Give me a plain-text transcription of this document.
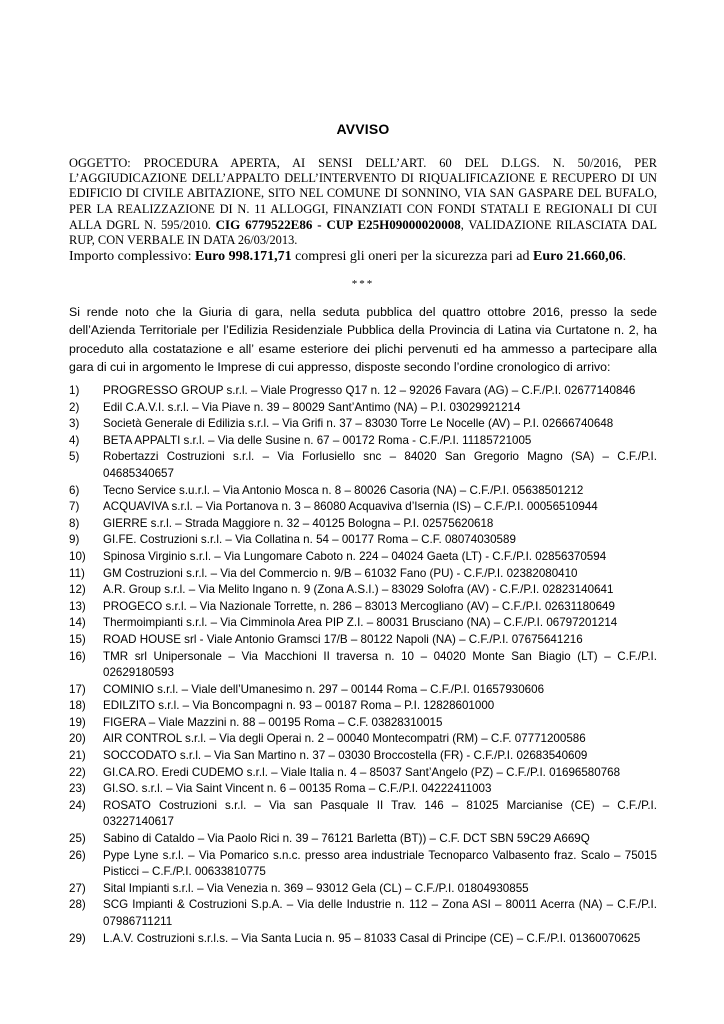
AVVISO

OGGETTO: PROCEDURA APERTA, AI SENSI DELL’ART. 60 DEL D.LGS. N. 50/2016, PER L’AGGIUDICAZIONE DELL’APPALTO DELL’INTERVENTO DI RIQUALIFICAZIONE E RECUPERO DI UN EDIFICIO DI CIVILE ABITAZIONE, SITO NEL COMUNE DI SONNINO, VIA SAN GASPARE DEL BUFALO, PER LA REALIZZAZIONE DI N. 11 ALLOGGI, FINANZIATI CON FONDI STATALI E REGIONALI DI CUI ALLA DGRL N. 595/2010. CIG 6779522E86 - CUP E25H09000020008, VALIDAZIONE RILASCIATA DAL RUP, CON VERBALE IN DATA 26/03/2013.

Importo complessivo: Euro 998.171,71 compresi gli oneri per la sicurezza pari ad Euro 21.660,06.

***

Si rende noto che la Giuria di gara, nella seduta pubblica del quattro ottobre 2016, presso la sede dell’Azienda Territoriale per l’Edilizia Residenziale Pubblica della Provincia di Latina via Curtatone n. 2, ha proceduto alla costatazione e all’ esame esteriore dei plichi pervenuti ed ha ammesso a partecipare alla gara di cui in argomento le Imprese di cui appresso, disposte secondo l’ordine cronologico di arrivo:

1)	PROGRESSO GROUP s.r.l. – Viale Progresso Q17 n. 12 – 92026 Favara (AG) – C.F./P.I. 02677140846
2)	Edil C.A.V.I. s.r.l. – Via Piave n. 39 – 80029 Sant’Antimo (NA) – P.I. 03029921214
3)	Società Generale di Edilizia s.r.l. – Via Grifi n. 37 – 83030 Torre Le Nocelle (AV) – P.I. 02666740648
4)	BETA APPALTI s.r.l. – Via delle Susine n. 67 – 00172 Roma - C.F./P.I. 11185721005
5)	Robertazzi Costruzioni s.r.l. – Via Forlusiello snc – 84020 San Gregorio Magno (SA) – C.F./P.I. 04685340657
6)	Tecno Service s.u.r.l. – Via Antonio Mosca n. 8 – 80026 Casoria (NA) – C.F./P.I. 05638501212
7)	ACQUAVIVA s.r.l. – Via Portanova n. 3 – 86080 Acquaviva d’Isernia (IS) – C.F./P.I. 00056510944
8)	GIERRE s.r.l. – Strada Maggiore n. 32 – 40125 Bologna – P.I. 02575620618
9)	GI.FE. Costruzioni s.r.l. – Via Collatina n. 54 – 00177 Roma – C.F. 08074030589
10)	Spinosa Virginio s.r.l. – Via Lungomare Caboto n. 224 – 04024 Gaeta (LT) - C.F./P.I. 02856370594
11)	GM Costruzioni s.r.l. – Via del Commercio n. 9/B – 61032 Fano (PU) - C.F./P.I. 02382080410
12)	A.R. Group s.r.l. – Via Melito Ingano n. 9 (Zona A.S.I.) – 83029 Solofra (AV) - C.F./P.I. 02823140641
13)	PROGECO s.r.l. – Via Nazionale Torrette, n. 286 – 83013 Mercogliano (AV) – C.F./P.I. 02631180649
14)	Thermoimpianti s.r.l. – Via Cimminola Area PIP Z.I. – 80031 Brusciano (NA) – C.F./P.I. 06797201214
15)	ROAD HOUSE srl - Viale Antonio Gramsci 17/B – 80122 Napoli (NA) – C.F./P.I. 07675641216
16)	TMR srl Unipersonale – Via Macchioni II traversa n. 10 – 04020 Monte San Biagio (LT) – C.F./P.I. 02629180593
17)	COMINIO s.r.l. – Viale dell’Umanesimo n. 297 – 00144 Roma – C.F./P.I. 01657930606
18)	EDILZITO s.r.l. – Via Boncompagni n. 93 – 00187 Roma – P.I. 12828601000
19)	FIGERA – Viale Mazzini n. 88 – 00195 Roma – C.F. 03828310015
20)	AIR CONTROL s.r.l. – Via degli Operai n. 2 – 00040 Montecompatri (RM) – C.F. 07771200586
21)	SOCCODATO s.r.l. – Via San Martino n. 37 – 03030 Broccostella (FR) - C.F./P.I. 02683540609
22)	GI.CA.RO. Eredi CUDEMO s.r.l. – Viale Italia n. 4 – 85037 Sant’Angelo (PZ) – C.F./P.I. 01696580768
23)	GI.SO. s.r.l. – Via Saint Vincent n. 6 – 00135 Roma – C.F./P.I. 04222411003
24)	ROSATO Costruzioni s.r.l. – Via san Pasquale II Trav. 146 – 81025 Marcianise (CE) – C.F./P.I. 03227140617
25)	Sabino di Cataldo – Via Paolo Rici n. 39 – 76121 Barletta (BT)) – C.F. DCT SBN 59C29 A669Q
26)	Pype Lyne s.r.l. – Via Pomarico s.n.c. presso area industriale Tecnoparco Valbasento fraz. Scalo – 75015 Pisticci – C.F./P.I. 00633810775
27)	Sital Impianti s.r.l. – Via Venezia n. 369 – 93012 Gela (CL) – C.F./P.I. 01804930855
28)	SCG Impianti & Costruzioni S.p.A. – Via delle Industrie n. 112 – Zona ASI – 80011 Acerra (NA) – C.F./P.I. 07986711211
29)	L.A.V. Costruzioni s.r.l.s. – Via Santa Lucia n. 95 – 81033 Casal di Principe (CE) – C.F./P.I. 01360070625
